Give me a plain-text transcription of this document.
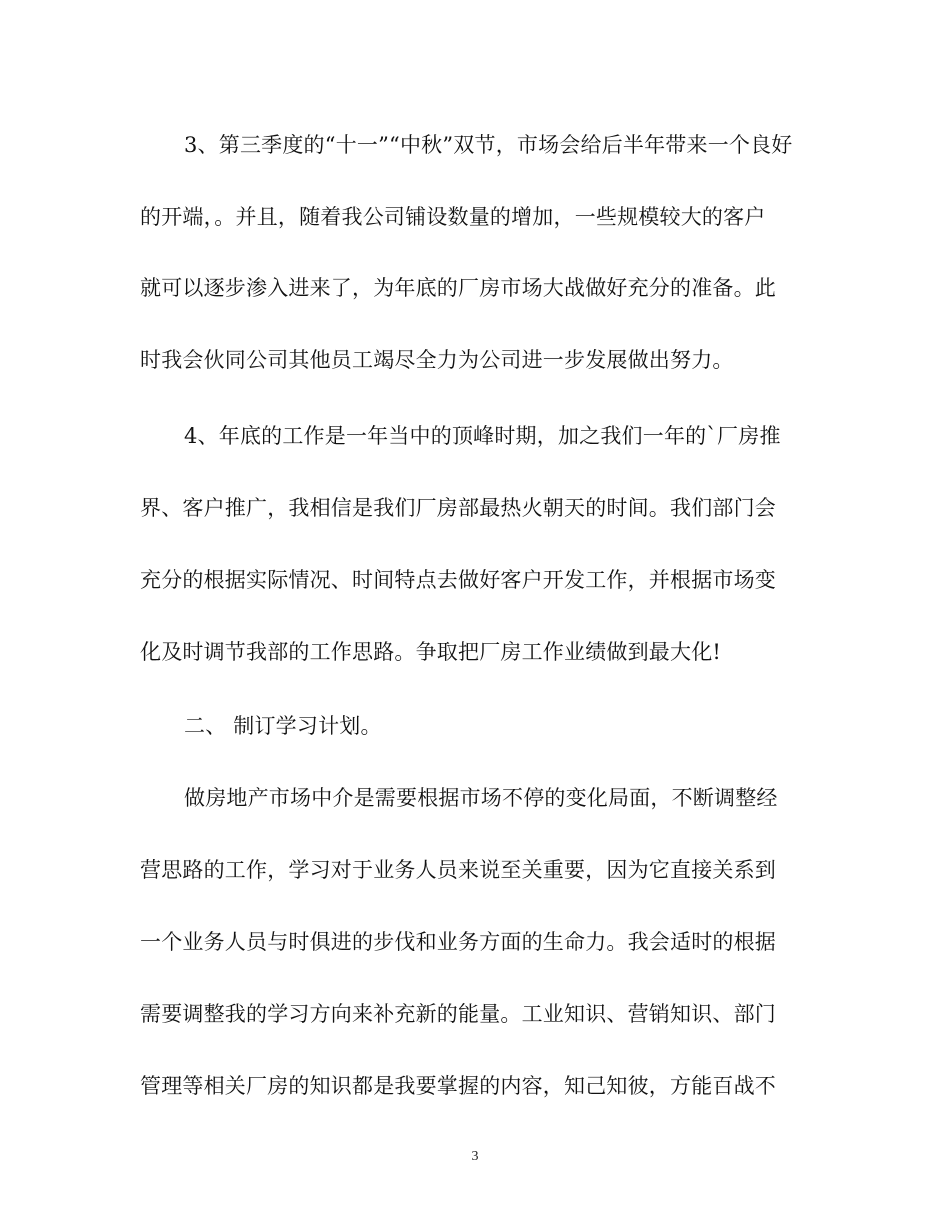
3、第三季度的“十一”“中秋”双节，市场会给后半年带来一个良好
的开端，。并且，随着我公司铺设数量的增加，一些规模较大的客户
就可以逐步渗入进来了，为年底的厂房市场大战做好充分的准备。此
时我会伙同公司其他员工竭尽全力为公司进一步发展做出努力。
4、年底的工作是一年当中的顶峰时期，加之我们一年的`厂房推
界、客户推广，我相信是我们厂房部最热火朝天的时间。我们部门会
充分的根据实际情况、时间特点去做好客户开发工作，并根据市场变
化及时调节我部的工作思路。争取把厂房工作业绩做到最大化!
二、 制订学习计划。
做房地产市场中介是需要根据市场不停的变化局面，不断调整经
营思路的工作，学习对于业务人员来说至关重要，因为它直接关系到
一个业务人员与时俱进的步伐和业务方面的生命力。我会适时的根据
需要调整我的学习方向来补充新的能量。工业知识、营销知识、部门
管理等相关厂房的知识都是我要掌握的内容，知己知彼，方能百战不
3
